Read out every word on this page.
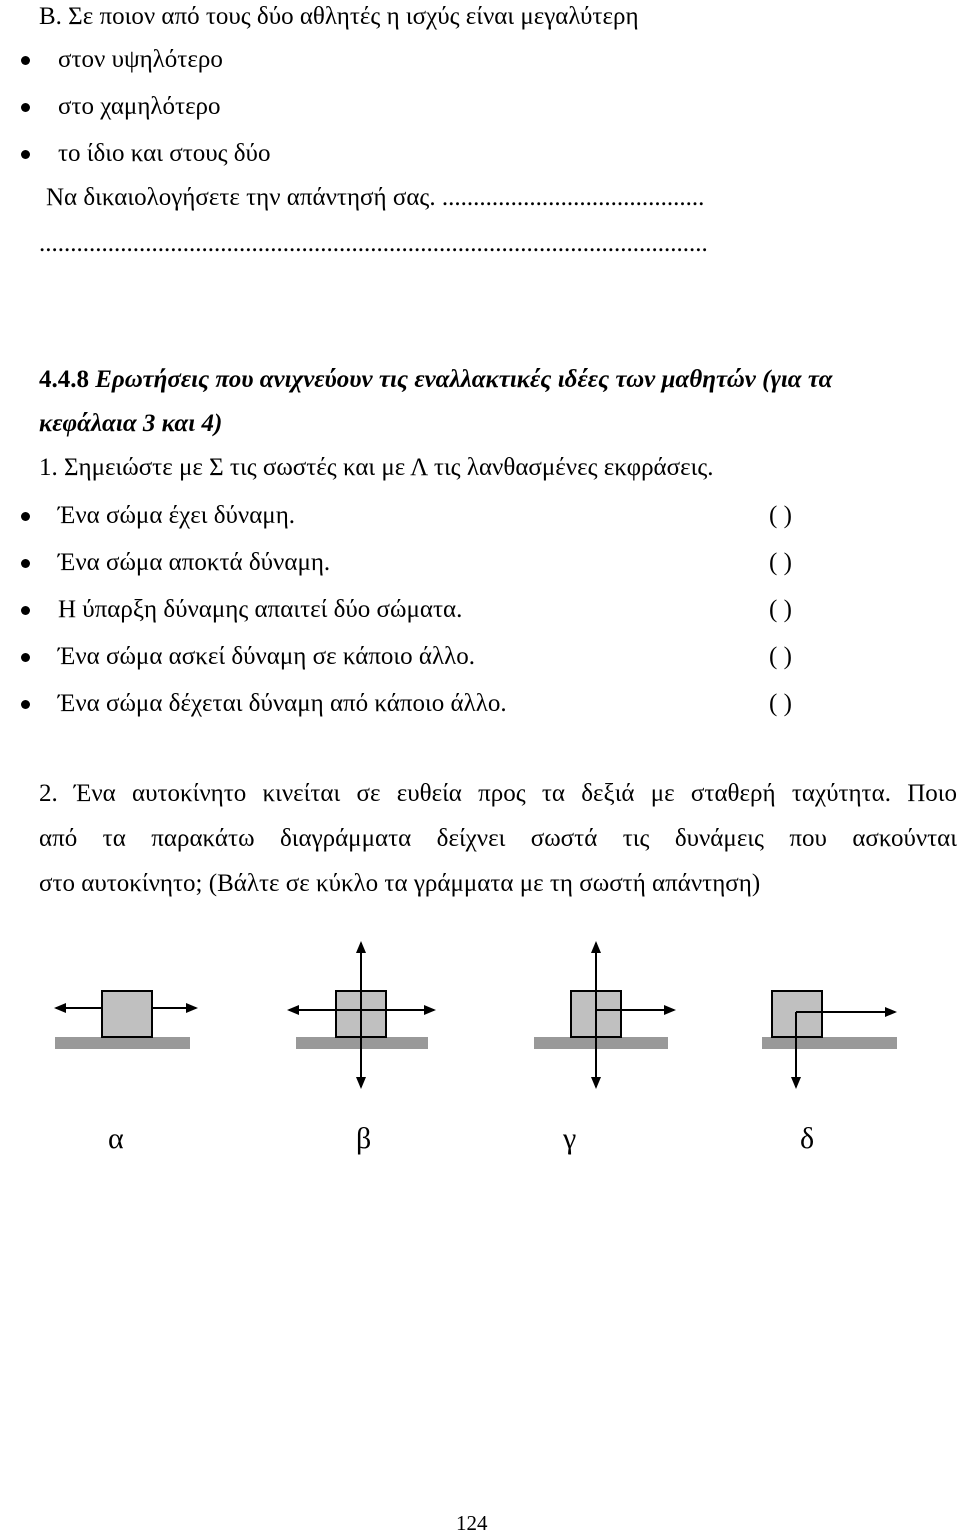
Β. Σε ποιον από τους δύο αθλητές η ισχύς είναι μεγαλύτερη
στον υψηλότερο
στο χαμηλότερο
το ίδιο και στους δύο
Να δικαιολογήσετε την απάντησή σας. ..........................................
...........................................................................................................
4.4.8 Ερωτήσεις που ανιχνεύουν τις εναλλακτικές ιδέες των μαθητών (για τα
κεφάλαια 3 και 4)
1. Σημειώστε με Σ τις σωστές και με Λ τις λανθασμένες εκφράσεις.
Ένα σώμα έχει δύναμη.	( )
Ένα σώμα αποκτά δύναμη.	( )
Η ύπαρξη δύναμης απαιτεί δύο σώματα.	( )
Ένα σώμα ασκεί δύναμη σε κάποιο άλλο.	( )
Ένα σώμα δέχεται δύναμη από κάποιο άλλο.	( )
2. Ένα αυτοκίνητο κινείται σε ευθεία προς τα δεξιά με σταθερή ταχύτητα. Ποιο
από τα παρακάτω διαγράμματα δείχνει σωστά τις δυνάμεις που ασκούνται
στο αυτοκίνητο; (Βάλτε σε κύκλο τα γράμματα με τη σωστή απάντηση)
α	β	γ	δ
124
